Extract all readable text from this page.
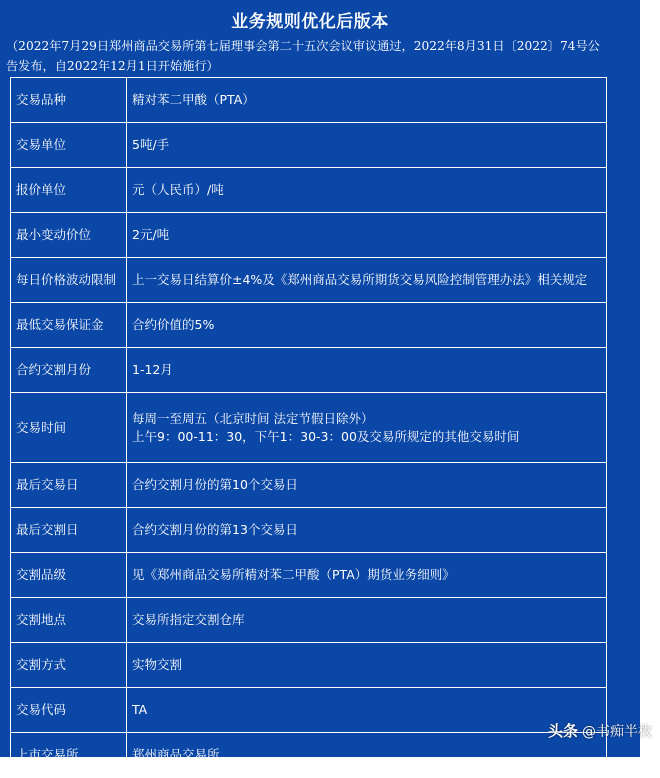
业务规则优化后版本
（2022年7月29日郑州商品交易所第七届理事会第二十五次会议审议通过，2022年8月31日〔2022〕74号公告发布，自2022年12月1日开始施行）
交易品种	精对苯二甲酸（PTA）
交易单位	5吨/手
报价单位	元（人民币）/吨
最小变动价位	2元/吨
每日价格波动限制	上一交易日结算价±4%及《郑州商品交易所期货交易风险控制管理办法》相关规定
最低交易保证金	合约价值的5%
合约交割月份	1-12月
交易时间	每周一至周五（北京时间 法定节假日除外）
上午9：00-11：30，下午1：30-3：00及交易所规定的其他交易时间

最后交易日	合约交割月份的第10个交易日
最后交割日	合约交割月份的第13个交易日
交割品级	见《郑州商品交易所精对苯二甲酸（PTA）期货业务细则》
交割地点	交易所指定交割仓库
交割方式	实物交割
交易代码	TA
上市交易所	郑州商品交易所
头条 @书痴半枚
